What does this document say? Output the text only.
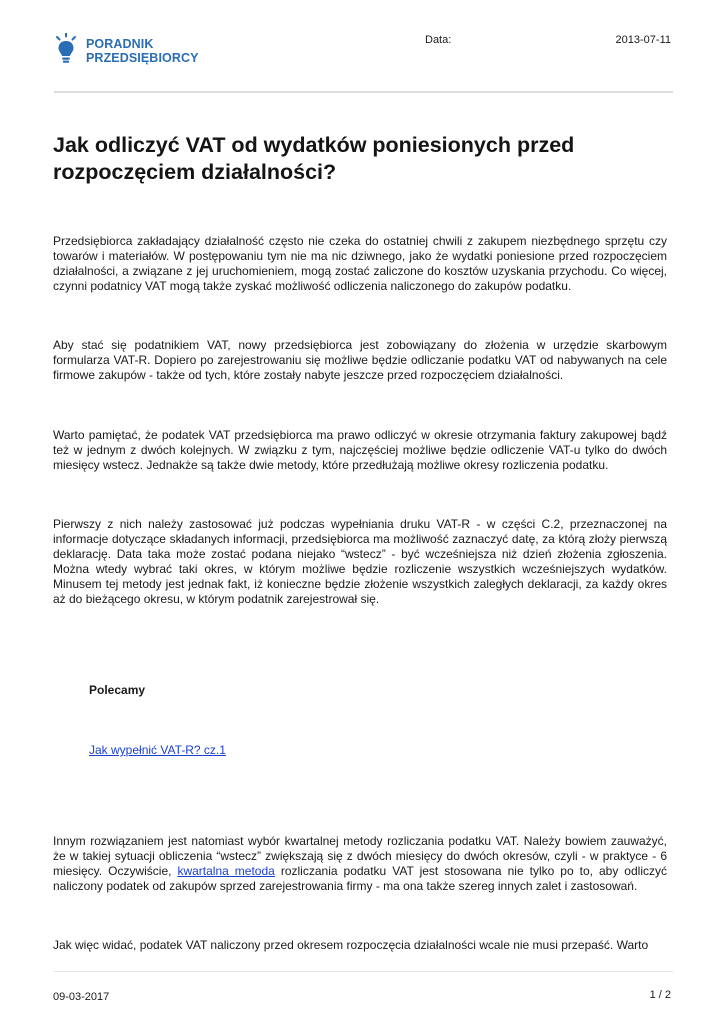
PORADNIK
PRZEDSIĘBIORCY
Data:	2013-07-11
Jak odliczyć VAT od wydatków poniesionych przed rozpoczęciem działalności?

Przedsiębiorca zakładający działalność często nie czeka do ostatniej chwili z zakupem niezbędnego sprzętu czy towarów i materiałów. W postępowaniu tym nie ma nic dziwnego, jako że wydatki poniesione przed rozpoczęciem działalności, a związane z jej uruchomieniem, mogą zostać zaliczone do kosztów uzyskania przychodu. Co więcej, czynni podatnicy VAT mogą także zyskać możliwość odliczenia naliczonego do zakupów podatku.

Aby stać się podatnikiem VAT, nowy przedsiębiorca jest zobowiązany do złożenia w urzędzie skarbowym formularza VAT-R. Dopiero po zarejestrowaniu się możliwe będzie odliczanie podatku VAT od nabywanych na cele firmowe zakupów - także od tych, które zostały nabyte jeszcze przed rozpoczęciem działalności.

Warto pamiętać, że podatek VAT przedsiębiorca ma prawo odliczyć w okresie otrzymania faktury zakupowej bądź też w jednym z dwóch kolejnych. W związku z tym, najczęściej możliwe będzie odliczenie VAT-u tylko do dwóch miesięcy wstecz. Jednakże są także dwie metody, które przedłużają możliwe okresy rozliczenia podatku.

Pierwszy z nich należy zastosować już podczas wypełniania druku VAT-R - w części C.2, przeznaczonej na informacje dotyczące składanych informacji, przedsiębiorca ma możliwość zaznaczyć datę, za którą złoży pierwszą deklarację. Data taka może zostać podana niejako “wstecz” - być wcześniejsza niż dzień złożenia zgłoszenia. Można wtedy wybrać taki okres, w którym możliwe będzie rozliczenie wszystkich wcześniejszych wydatków. Minusem tej metody jest jednak fakt, iż konieczne będzie złożenie wszystkich zaległych deklaracji, za każdy okres aż do bieżącego okresu, w którym podatnik zarejestrował się.

Polecamy

Jak wypełnić VAT-R? cz.1

Innym rozwiązaniem jest natomiast wybór kwartalnej metody rozliczania podatku VAT. Należy bowiem zauważyć, że w takiej sytuacji obliczenia “wstecz” zwiększają się z dwóch miesięcy do dwóch okresów, czyli - w praktyce - 6 miesięcy. Oczywiście, kwartalna metoda rozliczania podatku VAT jest stosowana nie tylko po to, aby odliczyć naliczony podatek od zakupów sprzed zarejestrowania firmy - ma ona także szereg innych zalet i zastosowań.

Jak więc widać, podatek VAT naliczony przed okresem rozpoczęcia działalności wcale nie musi przepaść. Warto

09-03-2017	1 / 2
